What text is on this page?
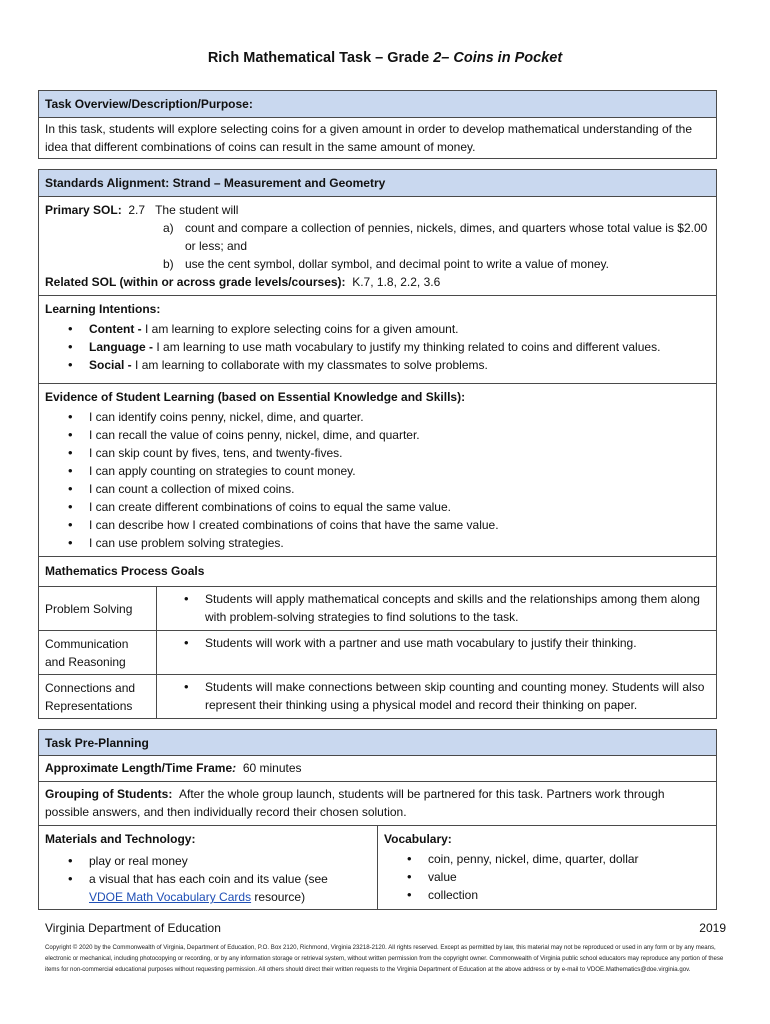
Rich Mathematical Task – Grade 2– Coins in Pocket
Task Overview/Description/Purpose:
In this task, students will explore selecting coins for a given amount in order to develop mathematical understanding of the idea that different combinations of coins can result in the same amount of money.
Standards Alignment: Strand – Measurement and Geometry
Primary SOL: 2.7 The student will
a) count and compare a collection of pennies, nickels, dimes, and quarters whose total value is $2.00 or less; and
b) use the cent symbol, dollar symbol, and decimal point to write a value of money.
Related SOL (within or across grade levels/courses): K.7, 1.8, 2.2, 3.6
Learning Intentions:
• Content - I am learning to explore selecting coins for a given amount.
• Language - I am learning to use math vocabulary to justify my thinking related to coins and different values.
• Social - I am learning to collaborate with my classmates to solve problems.
Evidence of Student Learning (based on Essential Knowledge and Skills):
• I can identify coins penny, nickel, dime, and quarter.
• I can recall the value of coins penny, nickel, dime, and quarter.
• I can skip count by fives, tens, and twenty-fives.
• I can apply counting on strategies to count money.
• I can count a collection of mixed coins.
• I can create different combinations of coins to equal the same value.
• I can describe how I created combinations of coins that have the same value.
• I can use problem solving strategies.
Mathematics Process Goals
Problem Solving
• Students will apply mathematical concepts and skills and the relationships among them along with problem-solving strategies to find solutions to the task.
Communication and Reasoning
• Students will work with a partner and use math vocabulary to justify their thinking.
Connections and Representations
• Students will make connections between skip counting and counting money. Students will also represent their thinking using a physical model and record their thinking on paper.
Task Pre-Planning
Approximate Length/Time Frame: 60 minutes
Grouping of Students: After the whole group launch, students will be partnered for this task. Partners work through possible answers, and then individually record their chosen solution.
Materials and Technology:
• play or real money
• a visual that has each coin and its value (see
VDOE Math Vocabulary Cards resource)
Vocabulary:
• coin, penny, nickel, dime, quarter, dollar
• value
• collection
Virginia Department of Education	2019
Copyright © 2020 by the Commonwealth of Virginia, Department of Education, P.O. Box 2120, Richmond, Virginia 23218-2120. All rights reserved. Except as permitted by law, this material may not be reproduced or used in any form or by any means, electronic or mechanical, including photocopying or recording, or by any information storage or retrieval system, without written permission from the copyright owner. Commonwealth of Virginia public school educators may reproduce any portion of these items for non-commercial educational purposes without requesting permission. All others should direct their written requests to the Virginia Department of Education at the above address or by e-mail to VDOE.Mathematics@doe.virginia.gov.
